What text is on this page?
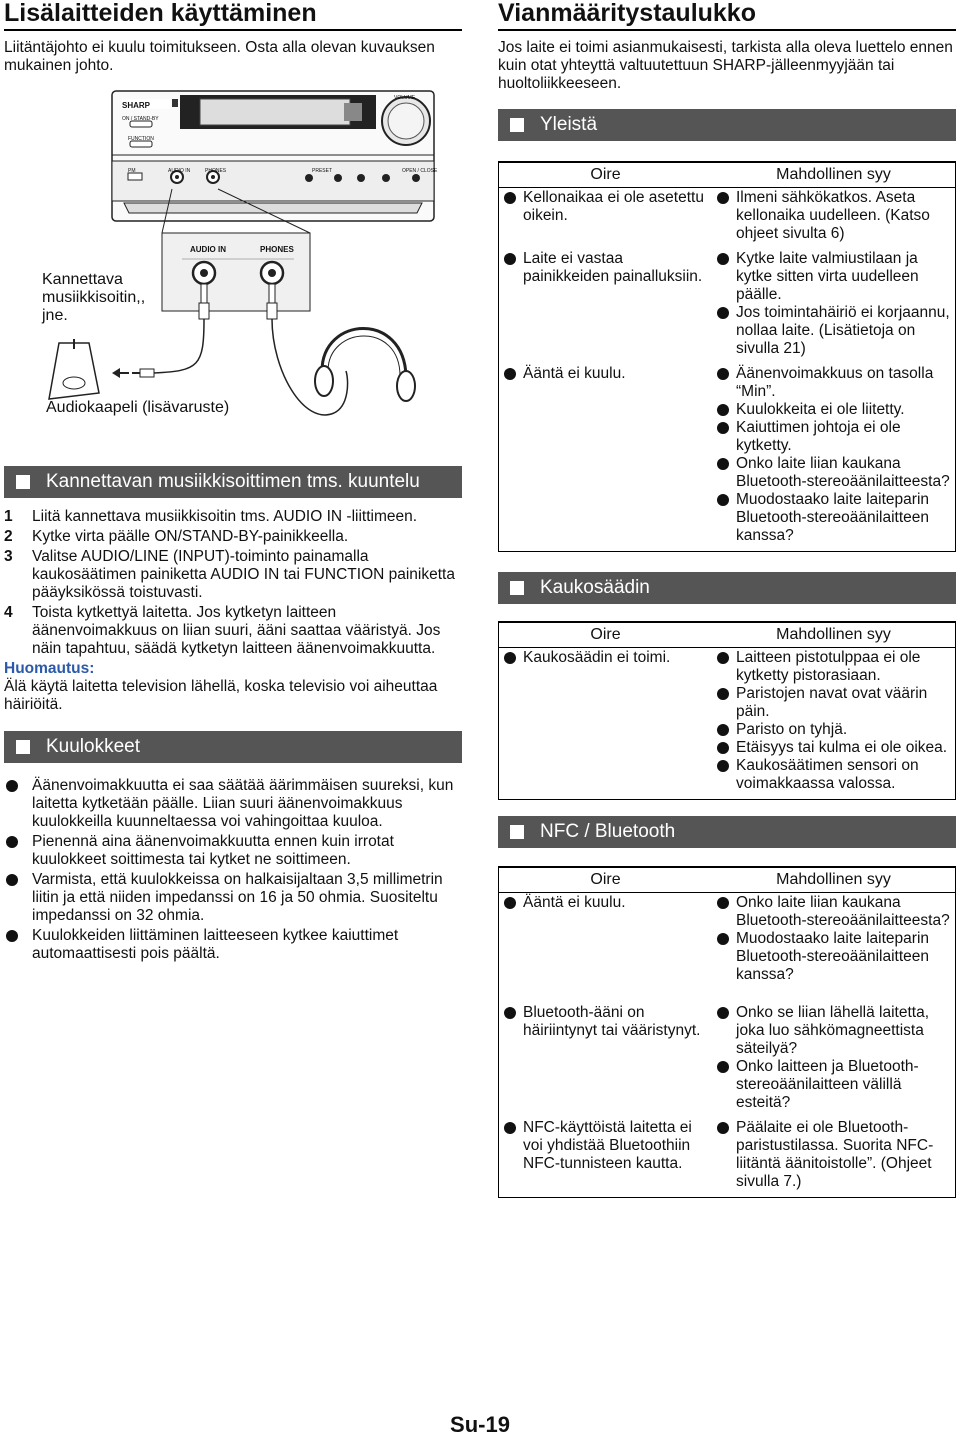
Lisälaitteiden käyttäminen
Liitäntäjohto ei kuulu toimitukseen. Osta alla olevan kuvauksen mukainen johto.
SHARP
ON / STAND-BY
FUNCTION
VOLUME
PM	AUDIO IN	PHONES	PRESET	OPEN / CLOSE
AUDIO IN	PHONES
Kannettava musiikkisoitin,, jne.
Audiokaapeli (lisävaruste)
Kannettavan musiikkisoittimen tms. kuuntelu
1 Liitä kannettava musiikkisoitin tms. AUDIO IN -liittimeen.
2 Kytke virta päälle ON/STAND-BY-painikkeella.
3 Valitse AUDIO/LINE (INPUT)-toiminto painamalla kaukosäätimen painiketta AUDIO IN tai FUNCTION painiketta pääyksikössä toistuvasti.
4 Toista kytkettyä laitetta. Jos kytketyn laitteen äänenvoimakkuus on liian suuri, ääni saattaa vääristyä. Jos näin tapahtuu, säädä kytketyn laitteen äänenvoimakkuutta.
Huomautus:
Älä käytä laitetta television lähellä, koska televisio voi aiheuttaa häiriöitä.
Kuulokkeet
Äänenvoimakkuutta ei saa säätää äärimmäisen suureksi, kun laitetta kytketään päälle. Liian suuri äänenvoimakkuus kuulokkeilla kuunneltaessa voi vahingoittaa kuuloa.
Pienennä aina äänenvoimakkuutta ennen kuin irrotat kuulokkeet soittimesta tai kytket ne soittimeen.
Varmista, että kuulokkeissa on halkaisijaltaan 3,5 millimetrin liitin ja että niiden impedanssi on 16 ja 50 ohmia. Suositeltu impedanssi on 32 ohmia.
Kuulokkeiden liittäminen laitteeseen kytkee kaiuttimet automaattisesti pois päältä.
Vianmääritystaulukko
Jos laite ei toimi asianmukaisesti, tarkista alla oleva luettelo ennen kuin otat yhteyttä valtuutettuun SHARP-jälleenmyyjään tai huoltoliikkeeseen.
Yleistä
Oire	Mahdollinen syy

Kellonaikaa ei ole asetettu oikein.	Ilmeni sähkökatkos. Aseta kellonaika uudelleen. (Katso ohjeet sivulta 6)

Laite ei vastaa painikkeiden painalluksiin.	Kytke laite valmiustilaan ja kytke sitten virta uudelleen päälle.
Jos toimintahäiriö ei korjaannu, nollaa laite. (Lisätietoja on sivulla 21)

Ääntä ei kuulu.	Äänenvoimakkuus on tasolla “Min”.
Kuulokkeita ei ole liitetty.
Kaiuttimen johtoja ei ole kytketty.
Onko laite liian kaukana Bluetooth-stereoäänilaitteesta?
Muodostaako laite laiteparin Bluetooth-stereoäänilaitteen kanssa?
Kaukosäädin
Oire	Mahdollinen syy

Kaukosäädin ei toimi.	Laitteen pistotulppaa ei ole kytketty pistorasiaan.
Paristojen navat ovat väärin päin.
Paristo on tyhjä.
Etäisyys tai kulma ei ole oikea.
Kaukosäätimen sensori on voimakkaassa valossa.
NFC / Bluetooth
Oire	Mahdollinen syy

Ääntä ei kuulu.	Onko laite liian kaukana Bluetooth-stereoäänilaitteesta?
Muodostaako laite laiteparin Bluetooth-stereoäänilaitteen kanssa?

Bluetooth-ääni on häiriintynyt tai vääristynyt.	Onko se liian lähellä laitetta, joka luo sähkömagneettista säteilyä?
Onko laitteen ja Bluetooth-stereoäänilaitteen välillä esteitä?

NFC-käyttöistä laitetta ei voi yhdistää Bluetoothiin NFC-tunnisteen kautta.	Päälaite ei ole Bluetooth-paristustilassa. Suorita NFC-liitäntä äänitoistolle”. (Ohjeet sivulla 7.)
Su-19
